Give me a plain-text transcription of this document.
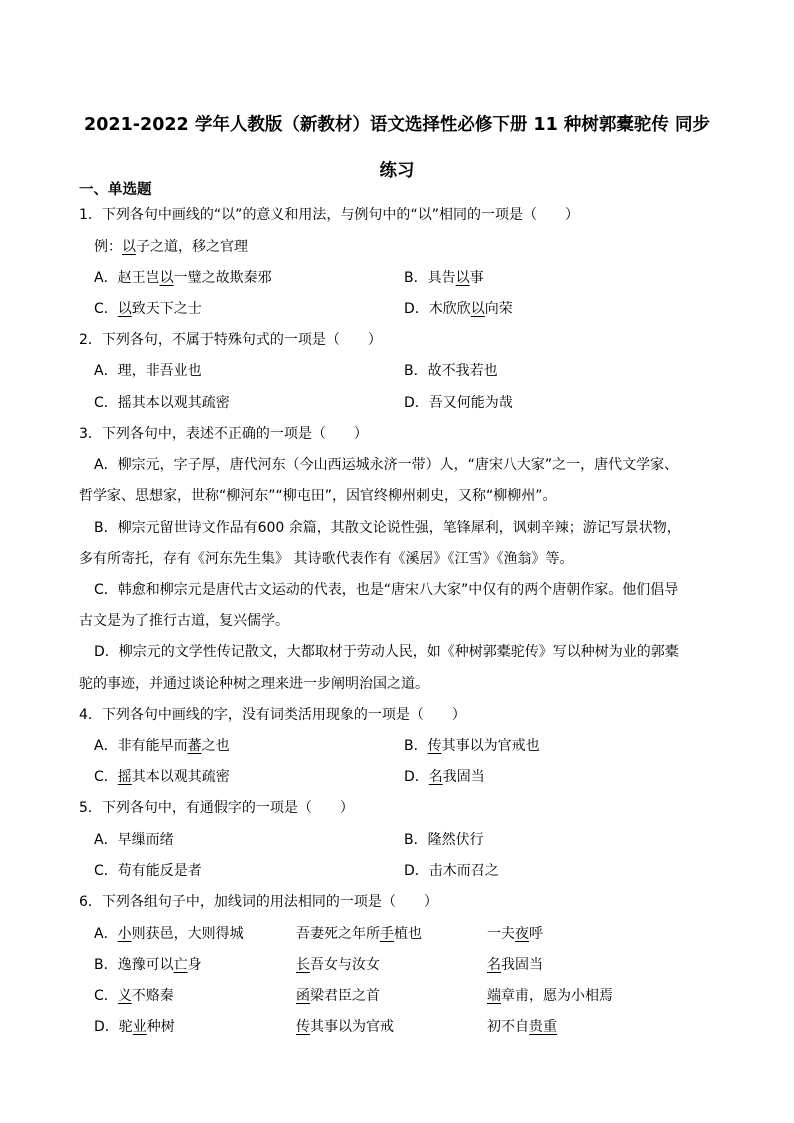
2021-2022 学年人教版（新教材）语文选择性必修下册 11 种树郭橐驼传 同步
练习
一、单选题
1．下列各句中画线的“以”的意义和用法，与例句中的“以”相同的一项是（　　）
例：以子之道，移之官理
A．赵王岂以一璧之故欺秦邪	B．具告以事
C．以致天下之士	D．木欣欣以向荣
2．下列各句，不属于特殊句式的一项是（　　）
A．理，非吾业也	B．故不我若也
C．摇其本以观其疏密	D．吾又何能为哉
3．下列各句中，表述不正确的一项是（　　）
A．柳宗元，字子厚，唐代河东（今山西运城永济一带）人，“唐宋八大家”之一，唐代文学家、
哲学家、思想家，世称“柳河东”“柳屯田”，因官终柳州刺史，又称“柳柳州”。
B．柳宗元留世诗文作品有600 余篇，其散文论说性强，笔锋犀利，讽刺辛辣；游记写景状物，
多有所寄托，存有《河东先生集》 其诗歌代表作有《溪居》《江雪》《渔翁》等。
C．韩愈和柳宗元是唐代古文运动的代表，也是“唐宋八大家”中仅有的两个唐朝作家。他们倡导
古文是为了推行古道，复兴儒学。
D．柳宗元的文学性传记散文，大都取材于劳动人民，如《种树郭橐驼传》写以种树为业的郭橐
驼的事迹，并通过谈论种树之理来进一步阐明治国之道。
4．下列各句中画线的字，没有词类活用现象的一项是（　　）
A．非有能早而蕃之也	B．传其事以为官戒也
C．摇其本以观其疏密	D．名我固当
5．下列各句中，有通假字的一项是（　　）
A．早缫而绪	B．隆然伏行
C．苟有能反是者	D．击木而召之
6．下列各组句子中，加线词的用法相同的一项是（　　）
A．小则获邑，大则得城	吾妻死之年所手植也	一夫夜呼
B．逸豫可以亡身	长吾女与汝女	名我固当
C．义不赂秦	函梁君臣之首	端章甫，愿为小相焉
D．驼业种树	传其事以为官戒	初不自贵重
